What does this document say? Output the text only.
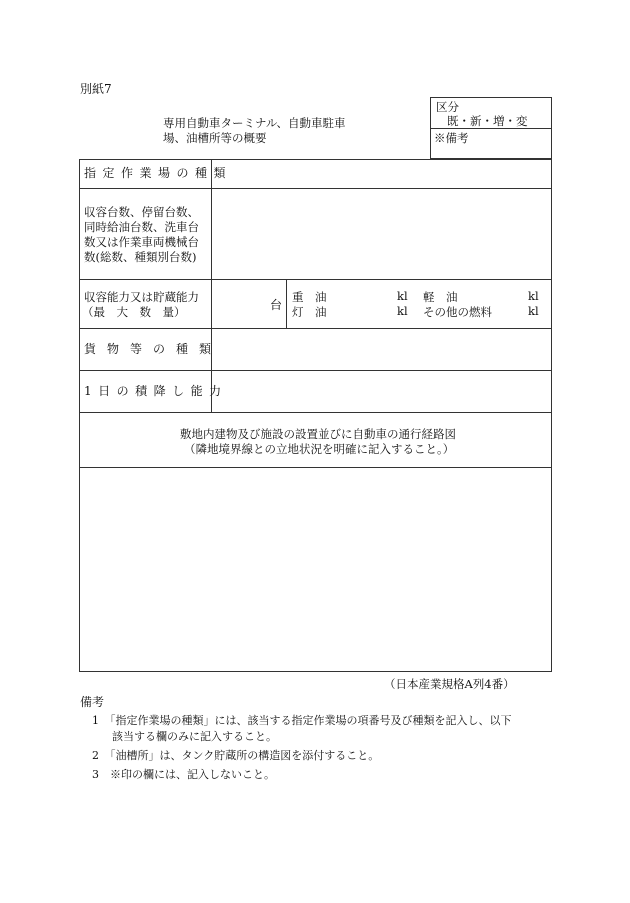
別紙7
専用自動車ターミナル、自動車駐車
場、油槽所等の概要
区分
既・新・増・変
※備考
指定作業場の種類
収容台数、停留台数、
同時給油台数、洗車台
数又は作業車両機械台
数(総数、種類別台数)
収容能力又は貯蔵能力
（最　大　数　量）	台
重　油	kl 軽　油	kl
灯　油	kl その他の燃料	kl
貨物等の種類
1日の積降し能力
敷地内建物及び施設の設置並びに自動車の通行経路図
（隣地境界線との立地状況を明確に記入すること。）
（日本産業規格A列4番）
備考
1　「指定作業場の種類」には、該当する指定作業場の項番号及び種類を記入し、以下
該当する欄のみに記入すること。
2　「油槽所」は、タンク貯蔵所の構造図を添付すること。
3　※印の欄には、記入しないこと。
